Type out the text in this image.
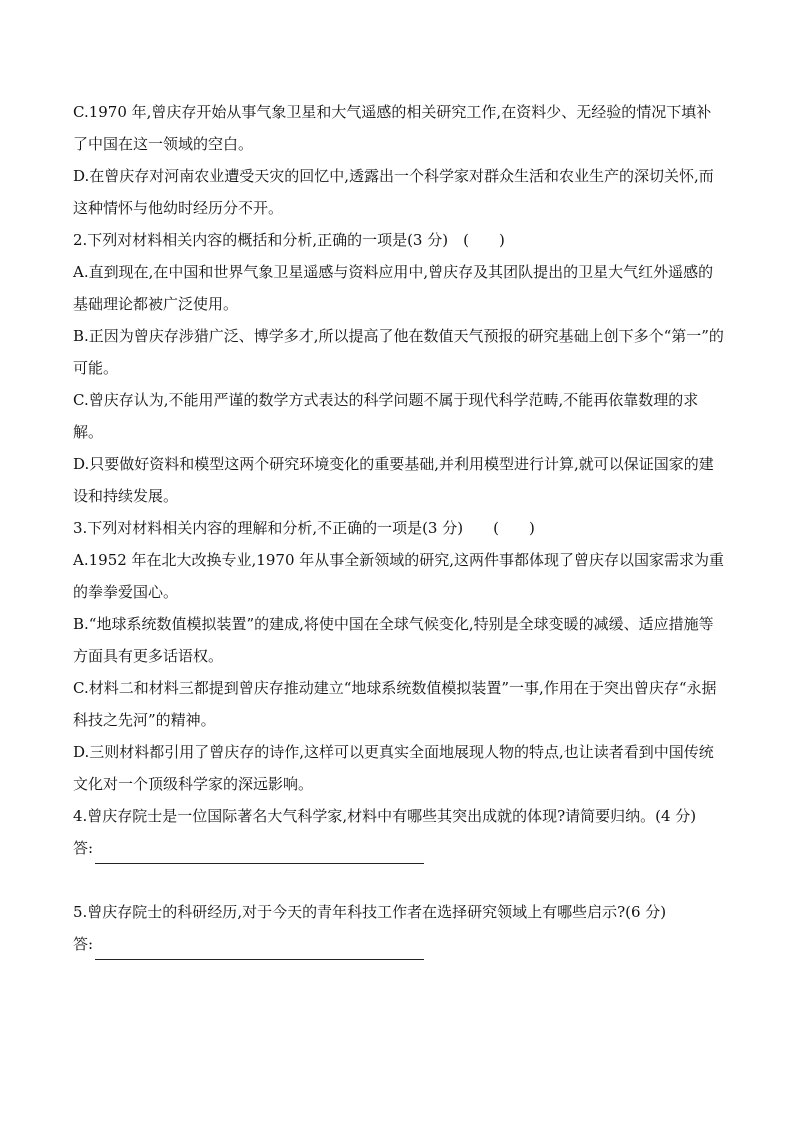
C.1970 年,曾庆存开始从事气象卫星和大气遥感的相关研究工作,在资料少、无经验的情况下填补了中国在这一领域的空白。

D.在曾庆存对河南农业遭受天灾的回忆中,透露出一个科学家对群众生活和农业生产的深切关怀,而这种情怀与他幼时经历分不开。

2.下列对材料相关内容的概括和分析,正确的一项是(3 分)　(　　)

A.直到现在,在中国和世界气象卫星遥感与资料应用中,曾庆存及其团队提出的卫星大气红外遥感的基础理论都被广泛使用。

B.正因为曾庆存涉猎广泛、博学多才,所以提高了他在数值天气预报的研究基础上创下多个“第一”的可能。

C.曾庆存认为,不能用严谨的数学方式表达的科学问题不属于现代科学范畴,不能再依靠数理的求解。

D.只要做好资料和模型这两个研究环境变化的重要基础,并利用模型进行计算,就可以保证国家的建设和持续发展。

3.下列对材料相关内容的理解和分析,不正确的一项是(3 分)　　(　　)

A.1952 年在北大改换专业,1970 年从事全新领域的研究,这两件事都体现了曾庆存以国家需求为重的拳拳爱国心。

B.“地球系统数值模拟装置”的建成,将使中国在全球气候变化,特别是全球变暖的减缓、适应措施等方面具有更多话语权。

C.材料二和材料三都提到曾庆存推动建立“地球系统数值模拟装置”一事,作用在于突出曾庆存“永据科技之先河”的精神。

D.三则材料都引用了曾庆存的诗作,这样可以更真实全面地展现人物的特点,也让读者看到中国传统文化对一个顶级科学家的深远影响。

4.曾庆存院士是一位国际著名大气科学家,材料中有哪些其突出成就的体现?请简要归纳。(4 分)

答:

5.曾庆存院士的科研经历,对于今天的青年科技工作者在选择研究领域上有哪些启示?(6 分)

答:
